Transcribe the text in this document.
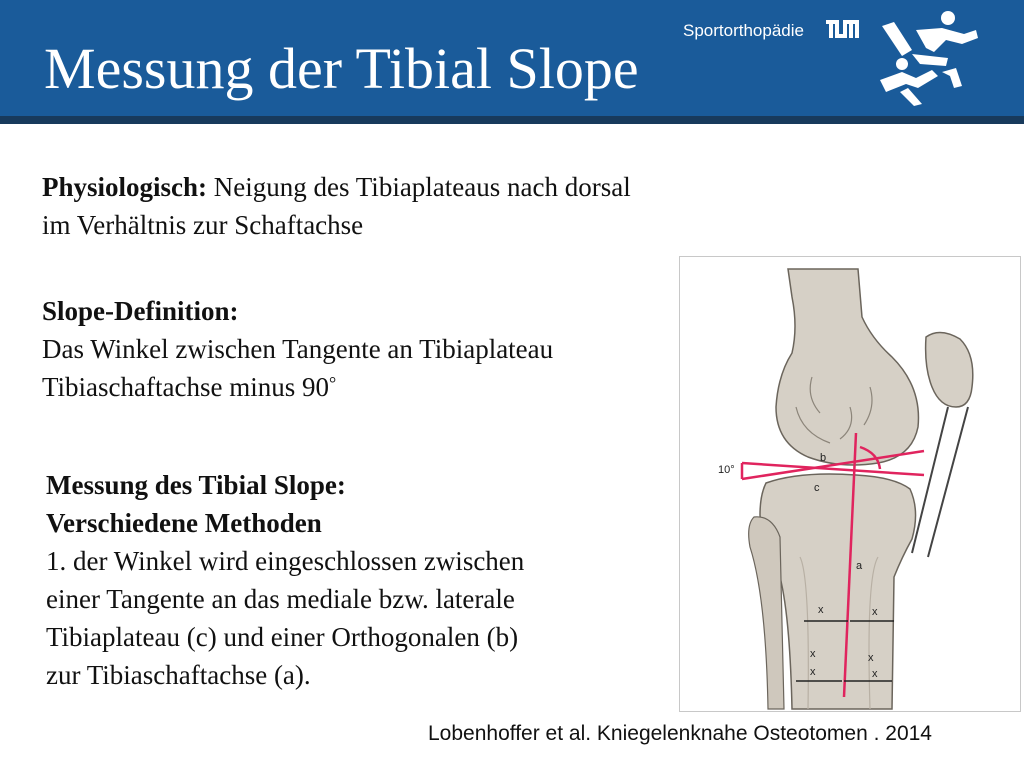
Messung der Tibial Slope
Sportorthopädie
Physiologisch: Neigung des Tibiaplateaus nach dorsal
im Verhältnis zur Schaftachse
Slope-Definition:
Das Winkel zwischen Tangente an Tibiaplateau
Tibiaschaftachse minus 90°
Messung des Tibial Slope:
Verschiedene Methoden
1. der Winkel wird eingeschlossen zwischen
einer Tangente an das mediale bzw. laterale
Tibiaplateau (c) und einer Orthogonalen (b)
zur Tibiaschaftachse (a).
10°
b
c
a
x	x
x	x
x	x
Lobenhoffer et al. Kniegelenknahe Osteotomen . 2014
